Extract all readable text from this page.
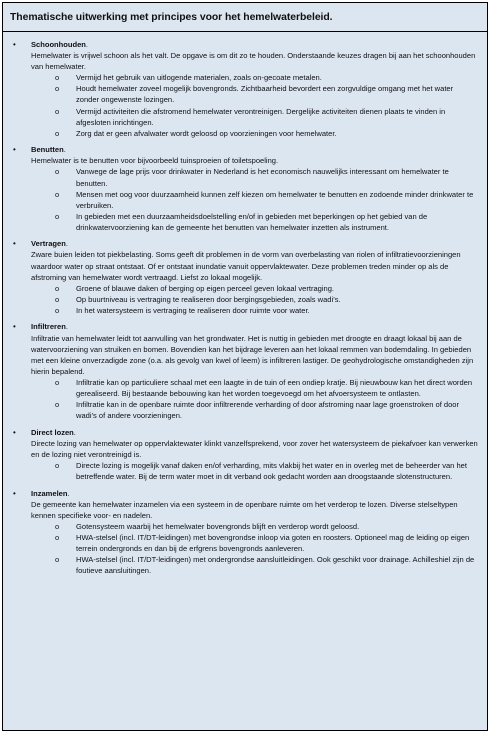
Thematische uitwerking met principes voor het hemelwaterbeleid.
• Schoonhouden.

Hemelwater is vrijwel schoon als het valt. De opgave is om dit zo te houden. Onderstaande keuzes dragen bij aan het schoonhouden van hemelwater.

o Vermijd het gebruik van uitlogende materialen, zoals on-gecoate metalen.
o Houdt hemelwater zoveel mogelijk bovengronds. Zichtbaarheid bevordert een zorgvuldige omgang met het water zonder ongewenste lozingen.
o Vermijd activiteiten die afstromend hemelwater verontreinigen. Dergelijke activiteiten dienen plaats te vinden in afgesloten inrichtingen.
o Zorg dat er geen afvalwater wordt geloosd op voorzieningen voor hemelwater.
• Benutten.

Hemelwater is te benutten voor bijvoorbeeld tuinsproeien of toiletspoeling.

o Vanwege de lage prijs voor drinkwater in Nederland is het economisch nauwelijks interessant om hemelwater te benutten.
o Mensen met oog voor duurzaamheid kunnen zelf kiezen om hemelwater te benutten en zodoende minder drinkwater te verbruiken.
o In gebieden met een duurzaamheidsdoelstelling en/of in gebieden met beperkingen op het gebied van de drinkwatervoorziening kan de gemeente het benutten van hemelwater inzetten als instrument.
• Vertragen.

Zware buien leiden tot piekbelasting. Soms geeft dit problemen in de vorm van overbelasting van riolen of infiltratievoorzieningen waardoor water op straat ontstaat. Of er ontstaat inundatie vanuit oppervlaktewater. Deze problemen treden minder op als de afstroming van hemelwater wordt vertraagd. Liefst zo lokaal mogelijk.

o Groene of blauwe daken of berging op eigen perceel geven lokaal vertraging.
o Op buurtniveau is vertraging te realiseren door bergingsgebieden, zoals wadi’s.
o In het watersysteem is vertraging te realiseren door ruimte voor water.
• Infiltreren.

Infiltratie van hemelwater leidt tot aanvulling van het grondwater. Het is nuttig in gebieden met droogte en draagt lokaal bij aan de watervoorziening van struiken en bomen. Bovendien kan het bijdrage leveren aan het lokaal remmen van bodemdaling. In gebieden met een kleine onverzadigde zone (o.a. als gevolg van kwel of leem) is infiltreren lastiger. De geohydrologische omstandigheden zijn hierin bepalend.

o Infiltratie kan op particuliere schaal met een laagte in de tuin of een ondiep kratje. Bij nieuwbouw kan het direct worden gerealiseerd. Bij bestaande bebouwing kan het worden toegevoegd om het afvoersysteem te ontlasten.
o Infiltratie kan in de openbare ruimte door infiltrerende verharding of door afstroming naar lage groenstroken of door wadi’s of andere voorzieningen.
• Direct lozen.

Directe lozing van hemelwater op oppervlaktewater klinkt vanzelfsprekend, voor zover het watersysteem de piekafvoer kan verwerken en de lozing niet verontreinigd is.

o Directe lozing is mogelijk vanaf daken en/of verharding, mits vlakbij het water en in overleg met de beheerder van het betreffende water. Bij de term water moet in dit verband ook gedacht worden aan droogstaande slotenstructuren.
• Inzamelen.

De gemeente kan hemelwater inzamelen via een systeem in de openbare ruimte om het verderop te lozen. Diverse stelseltypen kennen specifieke voor- en nadelen.

o Gotensysteem waarbij het hemelwater bovengronds blijft en verderop wordt geloosd.
o HWA-stelsel (incl. IT/DT-leidingen) met bovengrondse inloop via goten en roosters. Optioneel mag de leiding op eigen terrein ondergronds en dan bij de erfgrens bovengronds aanleveren.
o HWA-stelsel (incl. IT/DT-leidingen) met ondergrondse aansluitleidingen. Ook geschikt voor drainage. Achilleshiel zijn de foutieve aansluitingen.
